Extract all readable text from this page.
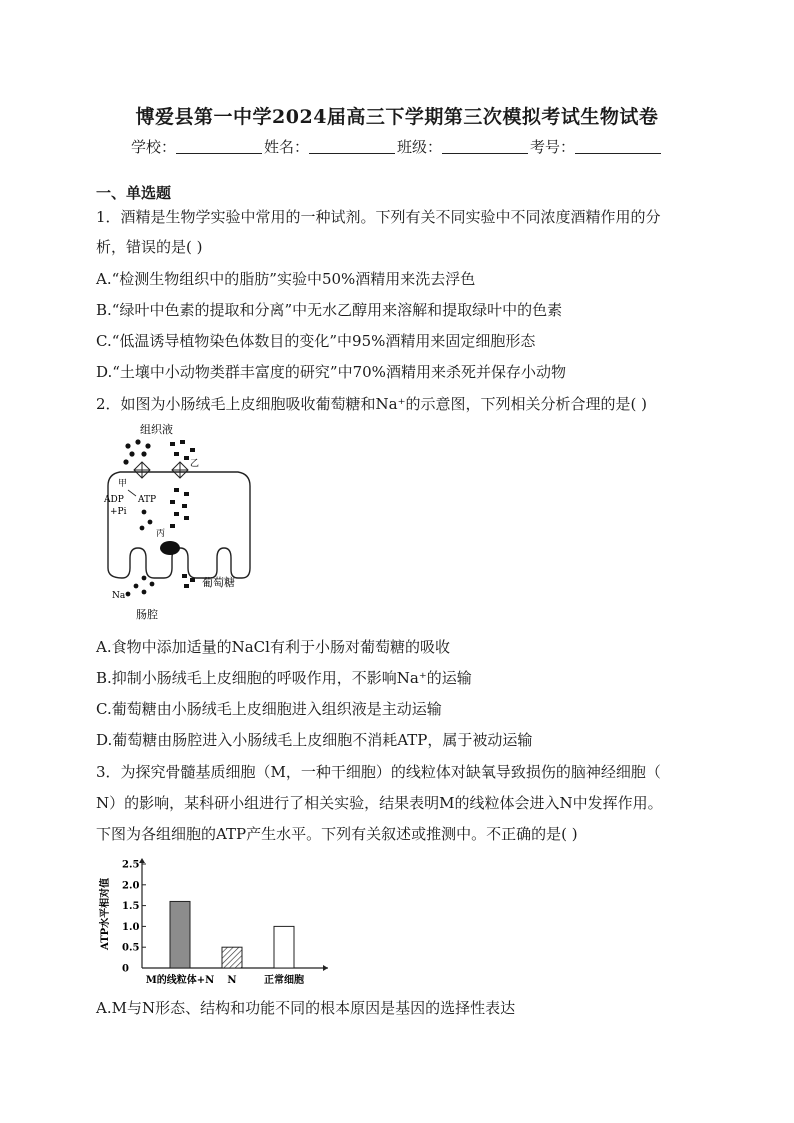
博爱县第一中学2024届高三下学期第三次模拟考试生物试卷
学校：	姓名：	班级：	考号：
一、单选题
1．酒精是生物学实验中常用的一种试剂。下列有关不同实验中不同浓度酒精作用的分
析，错误的是( )
A.“检测生物组织中的脂肪”实验中50%酒精用来洗去浮色
B.“绿叶中色素的提取和分离”中无水乙醇用来溶解和提取绿叶中的色素
C.“低温诱导植物染色体数目的变化”中95%酒精用来固定细胞形态
D.“土壤中小动物类群丰富度的研究”中70%酒精用来杀死并保存小动物
2．如图为小肠绒毛上皮细胞吸收葡萄糖和Na⁺的示意图，下列相关分析合理的是( )
组织液
甲
乙
ADP
+Pi
ATP
丙
Na⁺
葡萄糖
肠腔
A.食物中添加适量的NaCl有利于小肠对葡萄糖的吸收
B.抑制小肠绒毛上皮细胞的呼吸作用，不影响Na⁺的运输
C.葡萄糖由小肠绒毛上皮细胞进入组织液是主动运输
D.葡萄糖由肠腔进入小肠绒毛上皮细胞不消耗ATP，属于被动运输
3．为探究骨髓基质细胞（M，一种干细胞）的线粒体对缺氧导致损伤的脑神经细胞（
N）的影响，某科研小组进行了相关实验，结果表明M的线粒体会进入N中发挥作用。
下图为各组细胞的ATP产生水平。下列有关叙述或推测中。不正确的是( )
0
0.5
1.0
1.5
2.0
2.5
ATP水平相对值
M的线粒体+N N	正常细胞
A.M与N形态、结构和功能不同的根本原因是基因的选择性表达
